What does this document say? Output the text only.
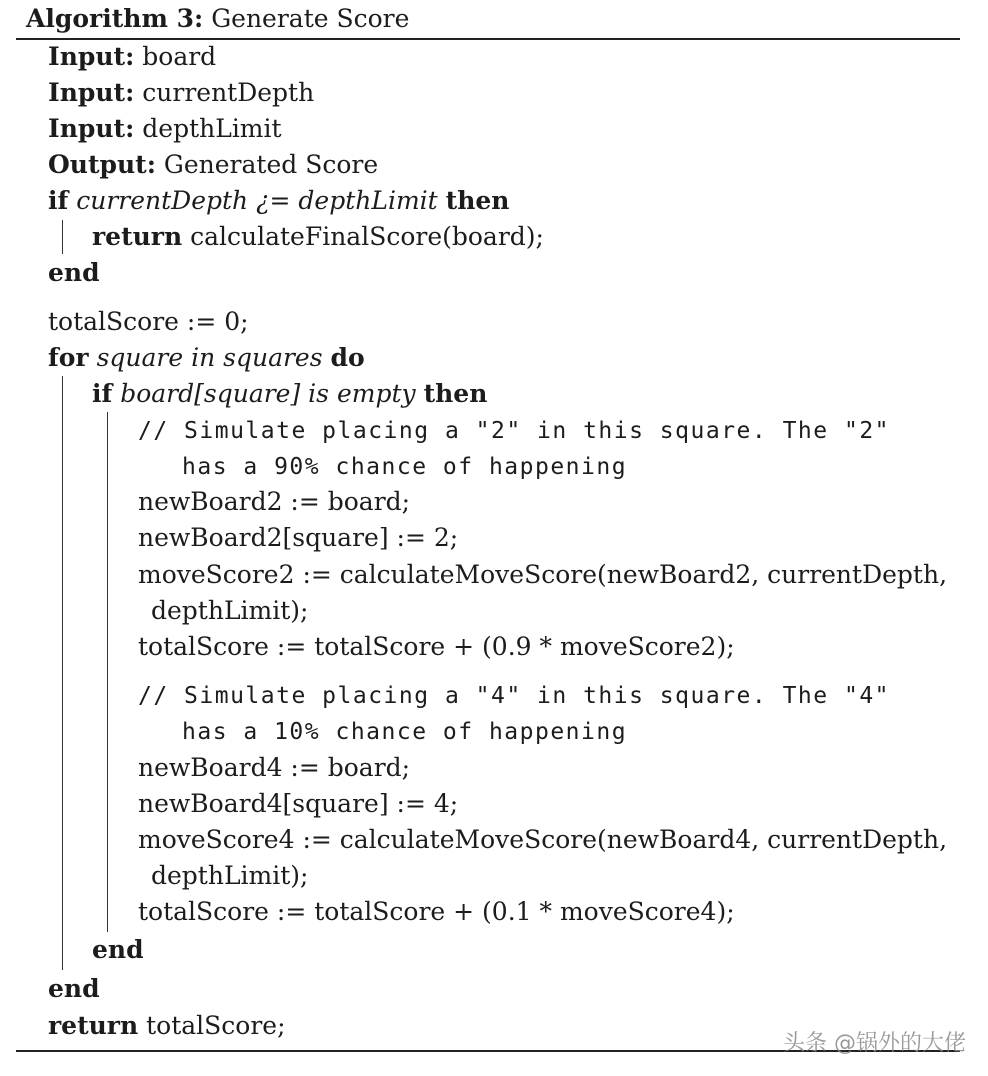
Algorithm 3: Generate Score
Input: board
Input: currentDepth
Input: depthLimit
Output: Generated Score
if currentDepth ¿= depthLimit then
return calculateFinalScore(board);
end
totalScore := 0;
for square in squares do
if board[square] is empty then
// Simulate placing a "2" in this square. The "2"
has a 90% chance of happening
newBoard2 := board;
newBoard2[square] := 2;
moveScore2 := calculateMoveScore(newBoard2, currentDepth,
depthLimit);
totalScore := totalScore + (0.9 * moveScore2);
// Simulate placing a "4" in this square. The "4"
has a 10% chance of happening
newBoard4 := board;
newBoard4[square] := 4;
moveScore4 := calculateMoveScore(newBoard4, currentDepth,
depthLimit);
totalScore := totalScore + (0.1 * moveScore4);
end
end
return totalScore;
头条 @锅外的大佬
